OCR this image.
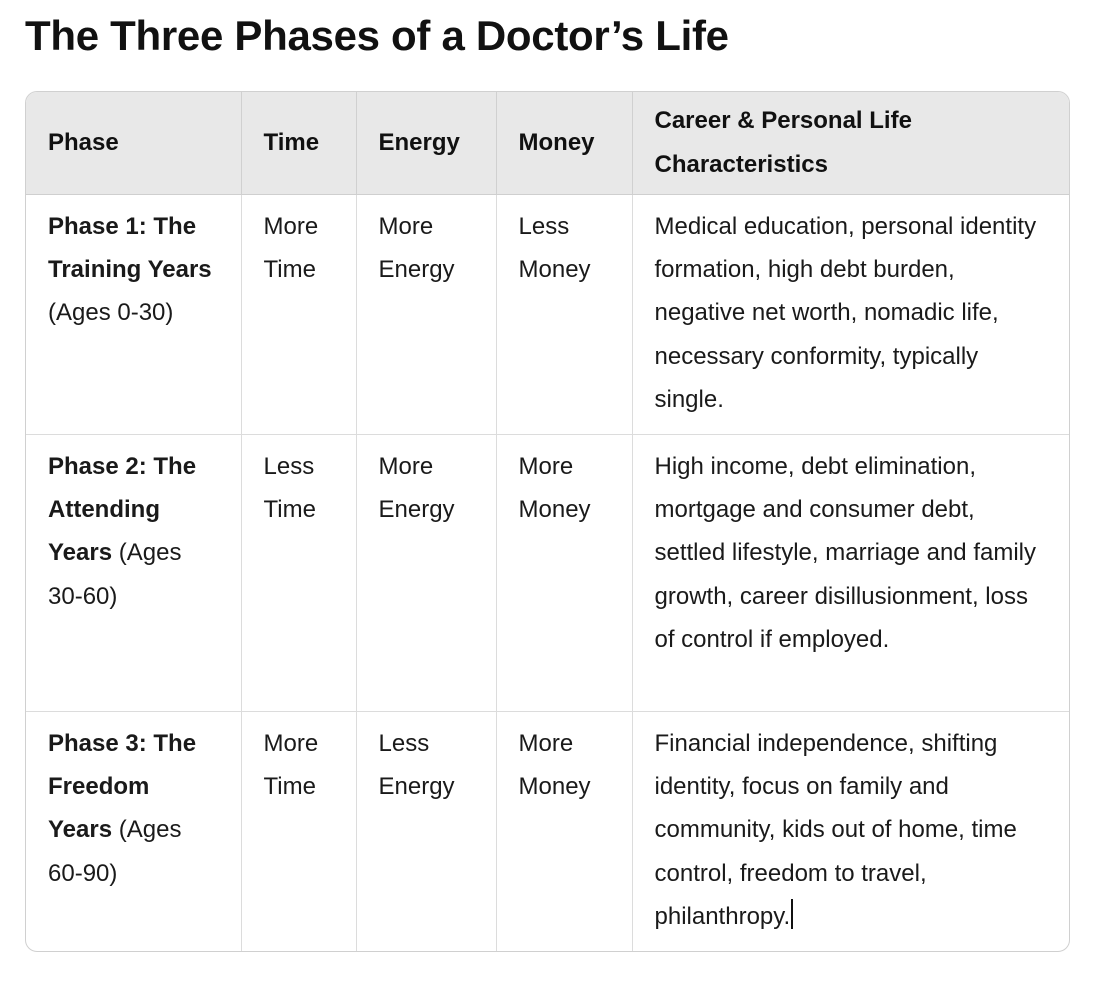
The Three Phases of a Doctor’s Life
Phase	Time	Energy	Money	Career & Personal Life Characteristics
Phase 1: The Training Years (Ages 0-30)	More Time	More Energy	Less Money	Medical education, personal identity formation, high debt burden, negative net worth, nomadic life, necessary conformity, typically single.
Phase 2: The Attending Years (Ages 30-60)	Less Time	More Energy	More Money	High income, debt elimination, mortgage and consumer debt, settled lifestyle, marriage and family growth, career disillusionment, loss of control if employed.
Phase 3: The Freedom Years (Ages 60-90)	More Time	Less Energy	More Money	Financial independence, shifting identity, focus on family and community, kids out of home, time control, freedom to travel, philanthropy.
